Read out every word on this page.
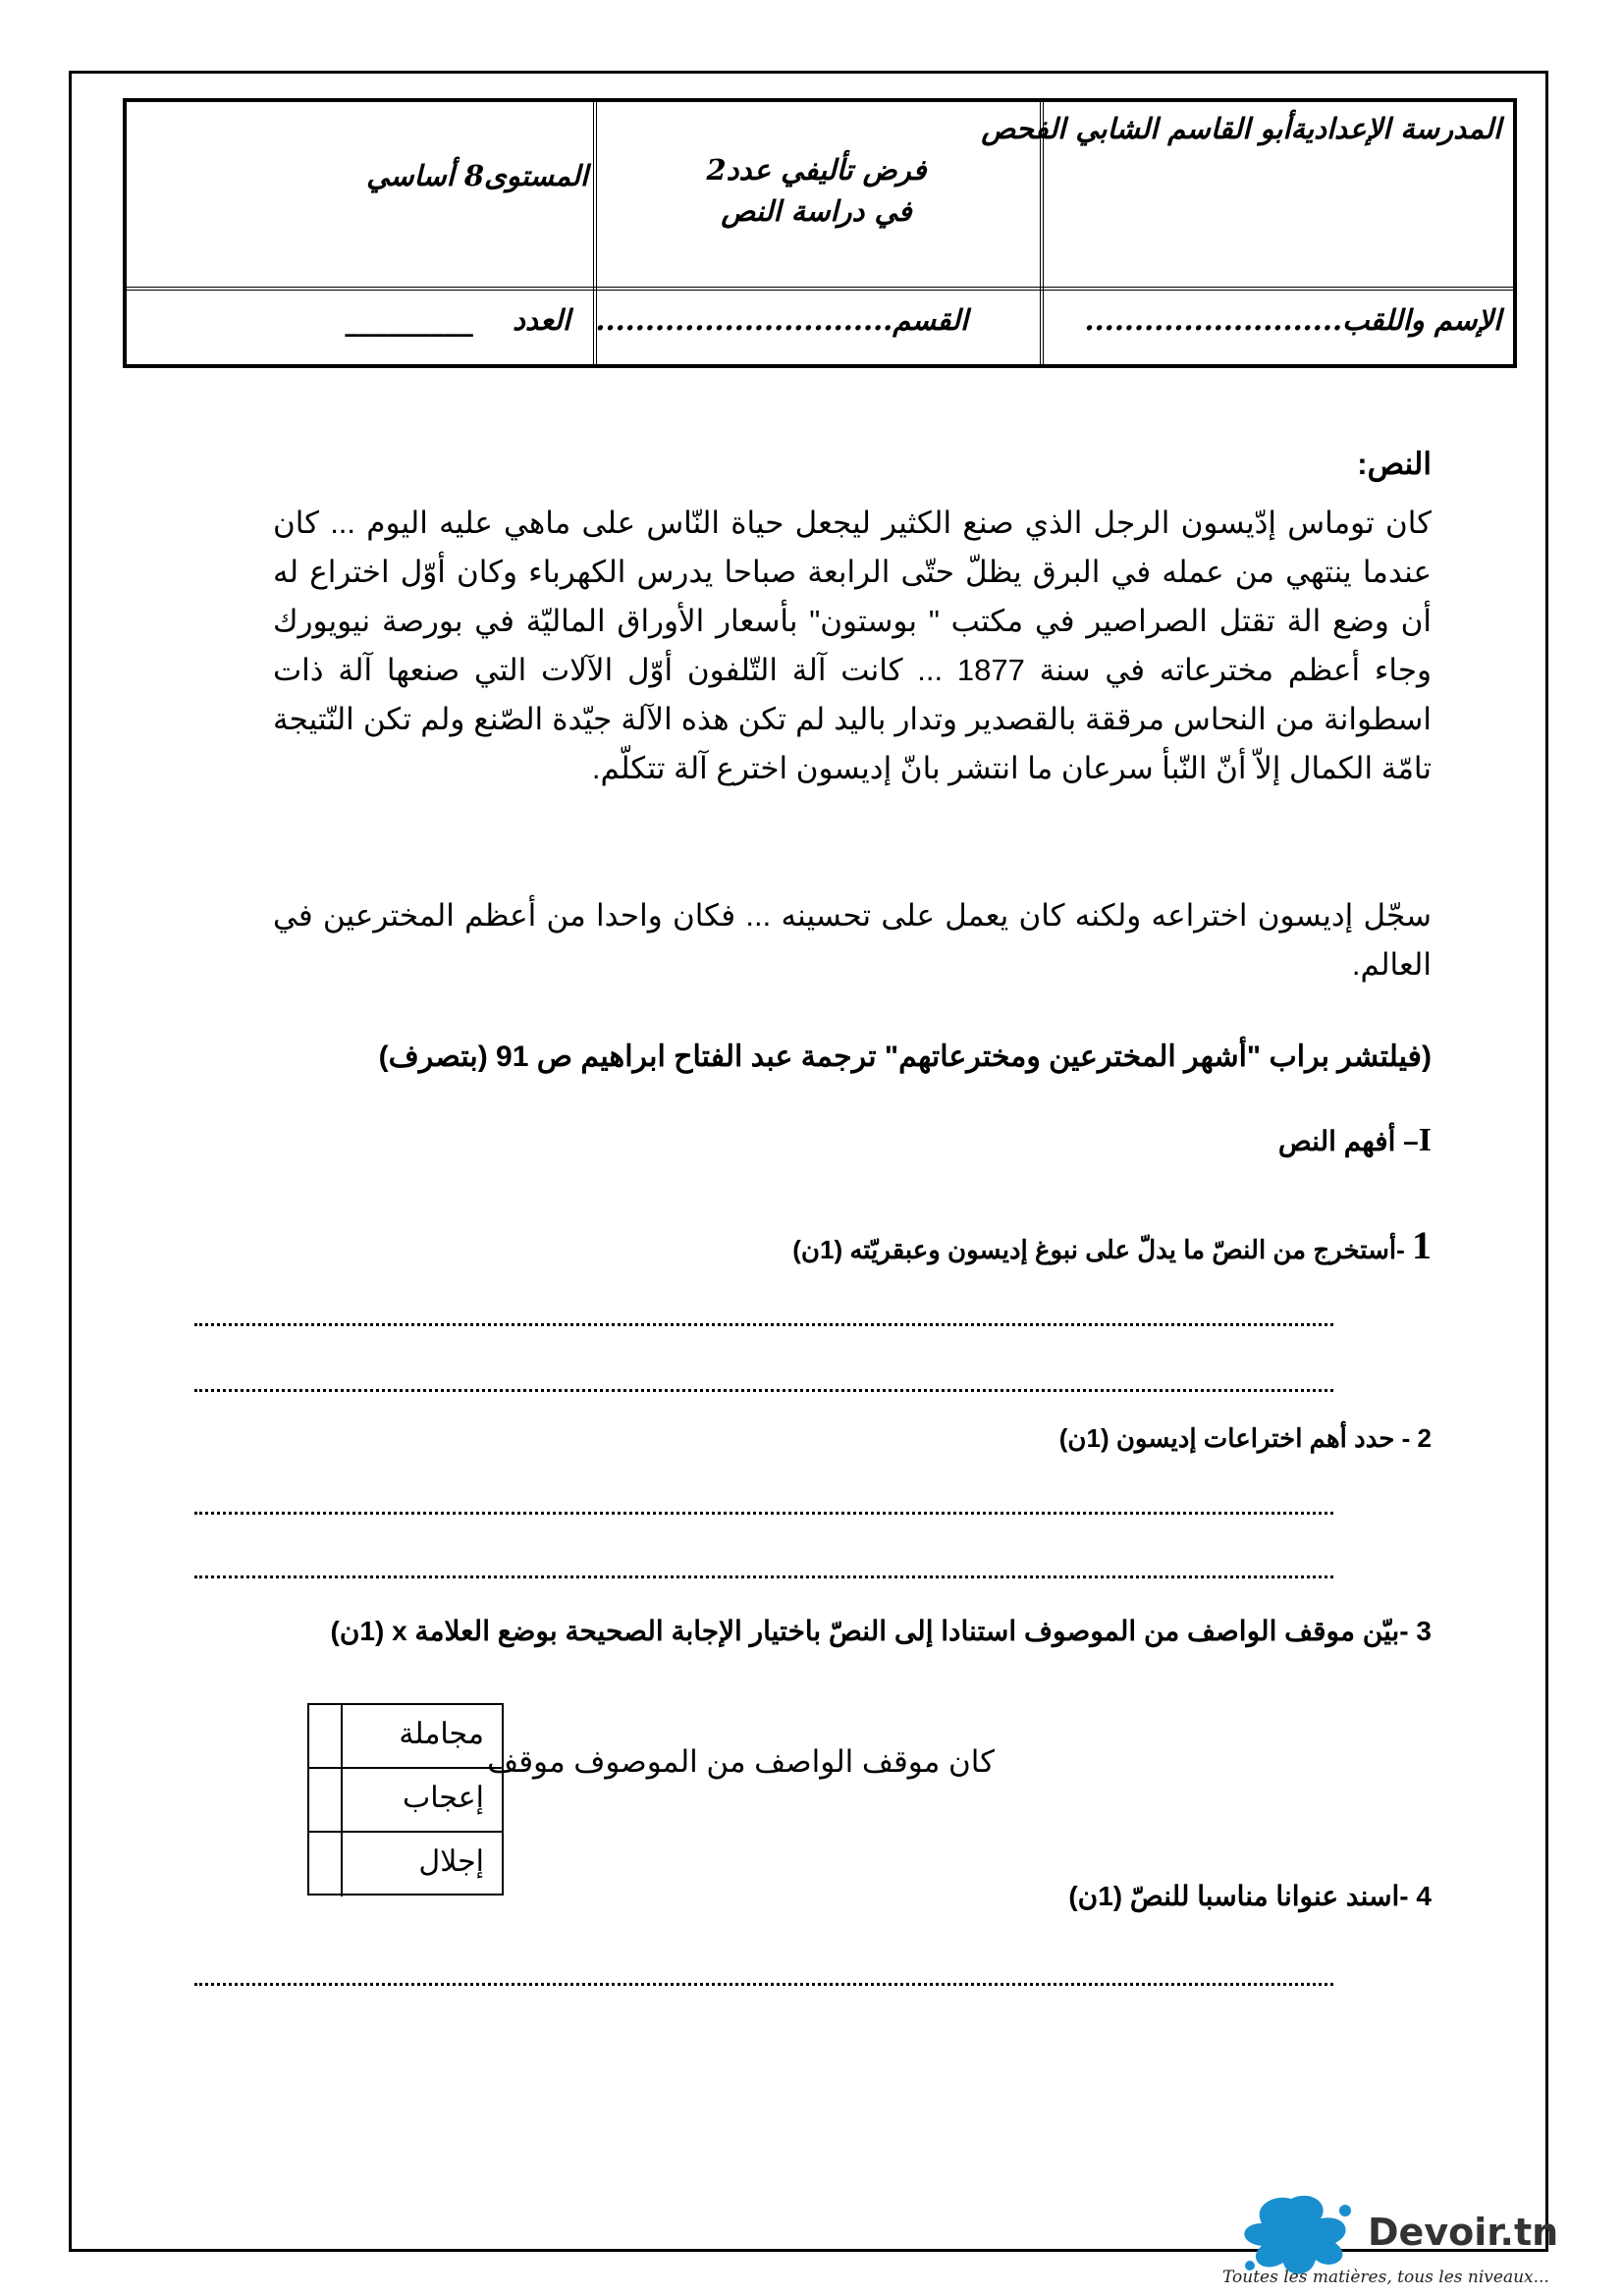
المدرسة الإعداديةأبو القاسم الشابي الفحص
فرض تأليفي عدد2
في دراسة النص
المستوى8 أساسي
الإسم واللقب..........................
القسم..............................
العدد _________
النص:
كان توماس إدّيسون الرجل الذي صنع الكثير ليجعل حياة النّاس على ماهي عليه اليوم ... كان عندما ينتهي من عمله في البرق يظلّ حتّى الرابعة صباحا يدرس الكهرباء وكان أوّل اختراع له أن وضع الة تقتل الصراصير في مكتب " بوستون" بأسعار الأوراق الماليّة في بورصة نيويورك وجاء أعظم مخترعاته في سنة 1877 ... كانت آلة التّلفون أوّل الآلات التي صنعها آلة ذات اسطوانة من النحاس مرققة بالقصدير وتدار باليد لم تكن هذه الآلة جيّدة الصّنع ولم تكن النّتيجة تامّة الكمال إلاّ أنّ النّبأ سرعان ما انتشر بانّ إديسون اخترع آلة تتكلّم.
سجّل إديسون اختراعه ولكنه كان يعمل على تحسينه ... فكان واحدا من أعظم المخترعين في العالم.
(فيلتشر براب "أشهر المخترعين ومخترعاتهم" ترجمة عبد الفتاح ابراهيم ص 91 (بتصرف)
I– أفهم النص
1 -أستخرج من النصّ ما يدلّ على نبوغ إديسون وعبقريّته (1ن)
2 - حدد أهم اختراعات إديسون (1ن)
3 -بيّن موقف الواصف من الموصوف استنادا إلى النصّ باختيار الإجابة الصحيحة بوضع العلامة x (1ن)
كان موقف الواصف من الموصوف موقف
مجاملة
إعجاب
إجلال
4 -اسند عنوانا مناسبا للنصّ (1ن)
Devoir.tn
Toutes les matières, tous les niveaux...
